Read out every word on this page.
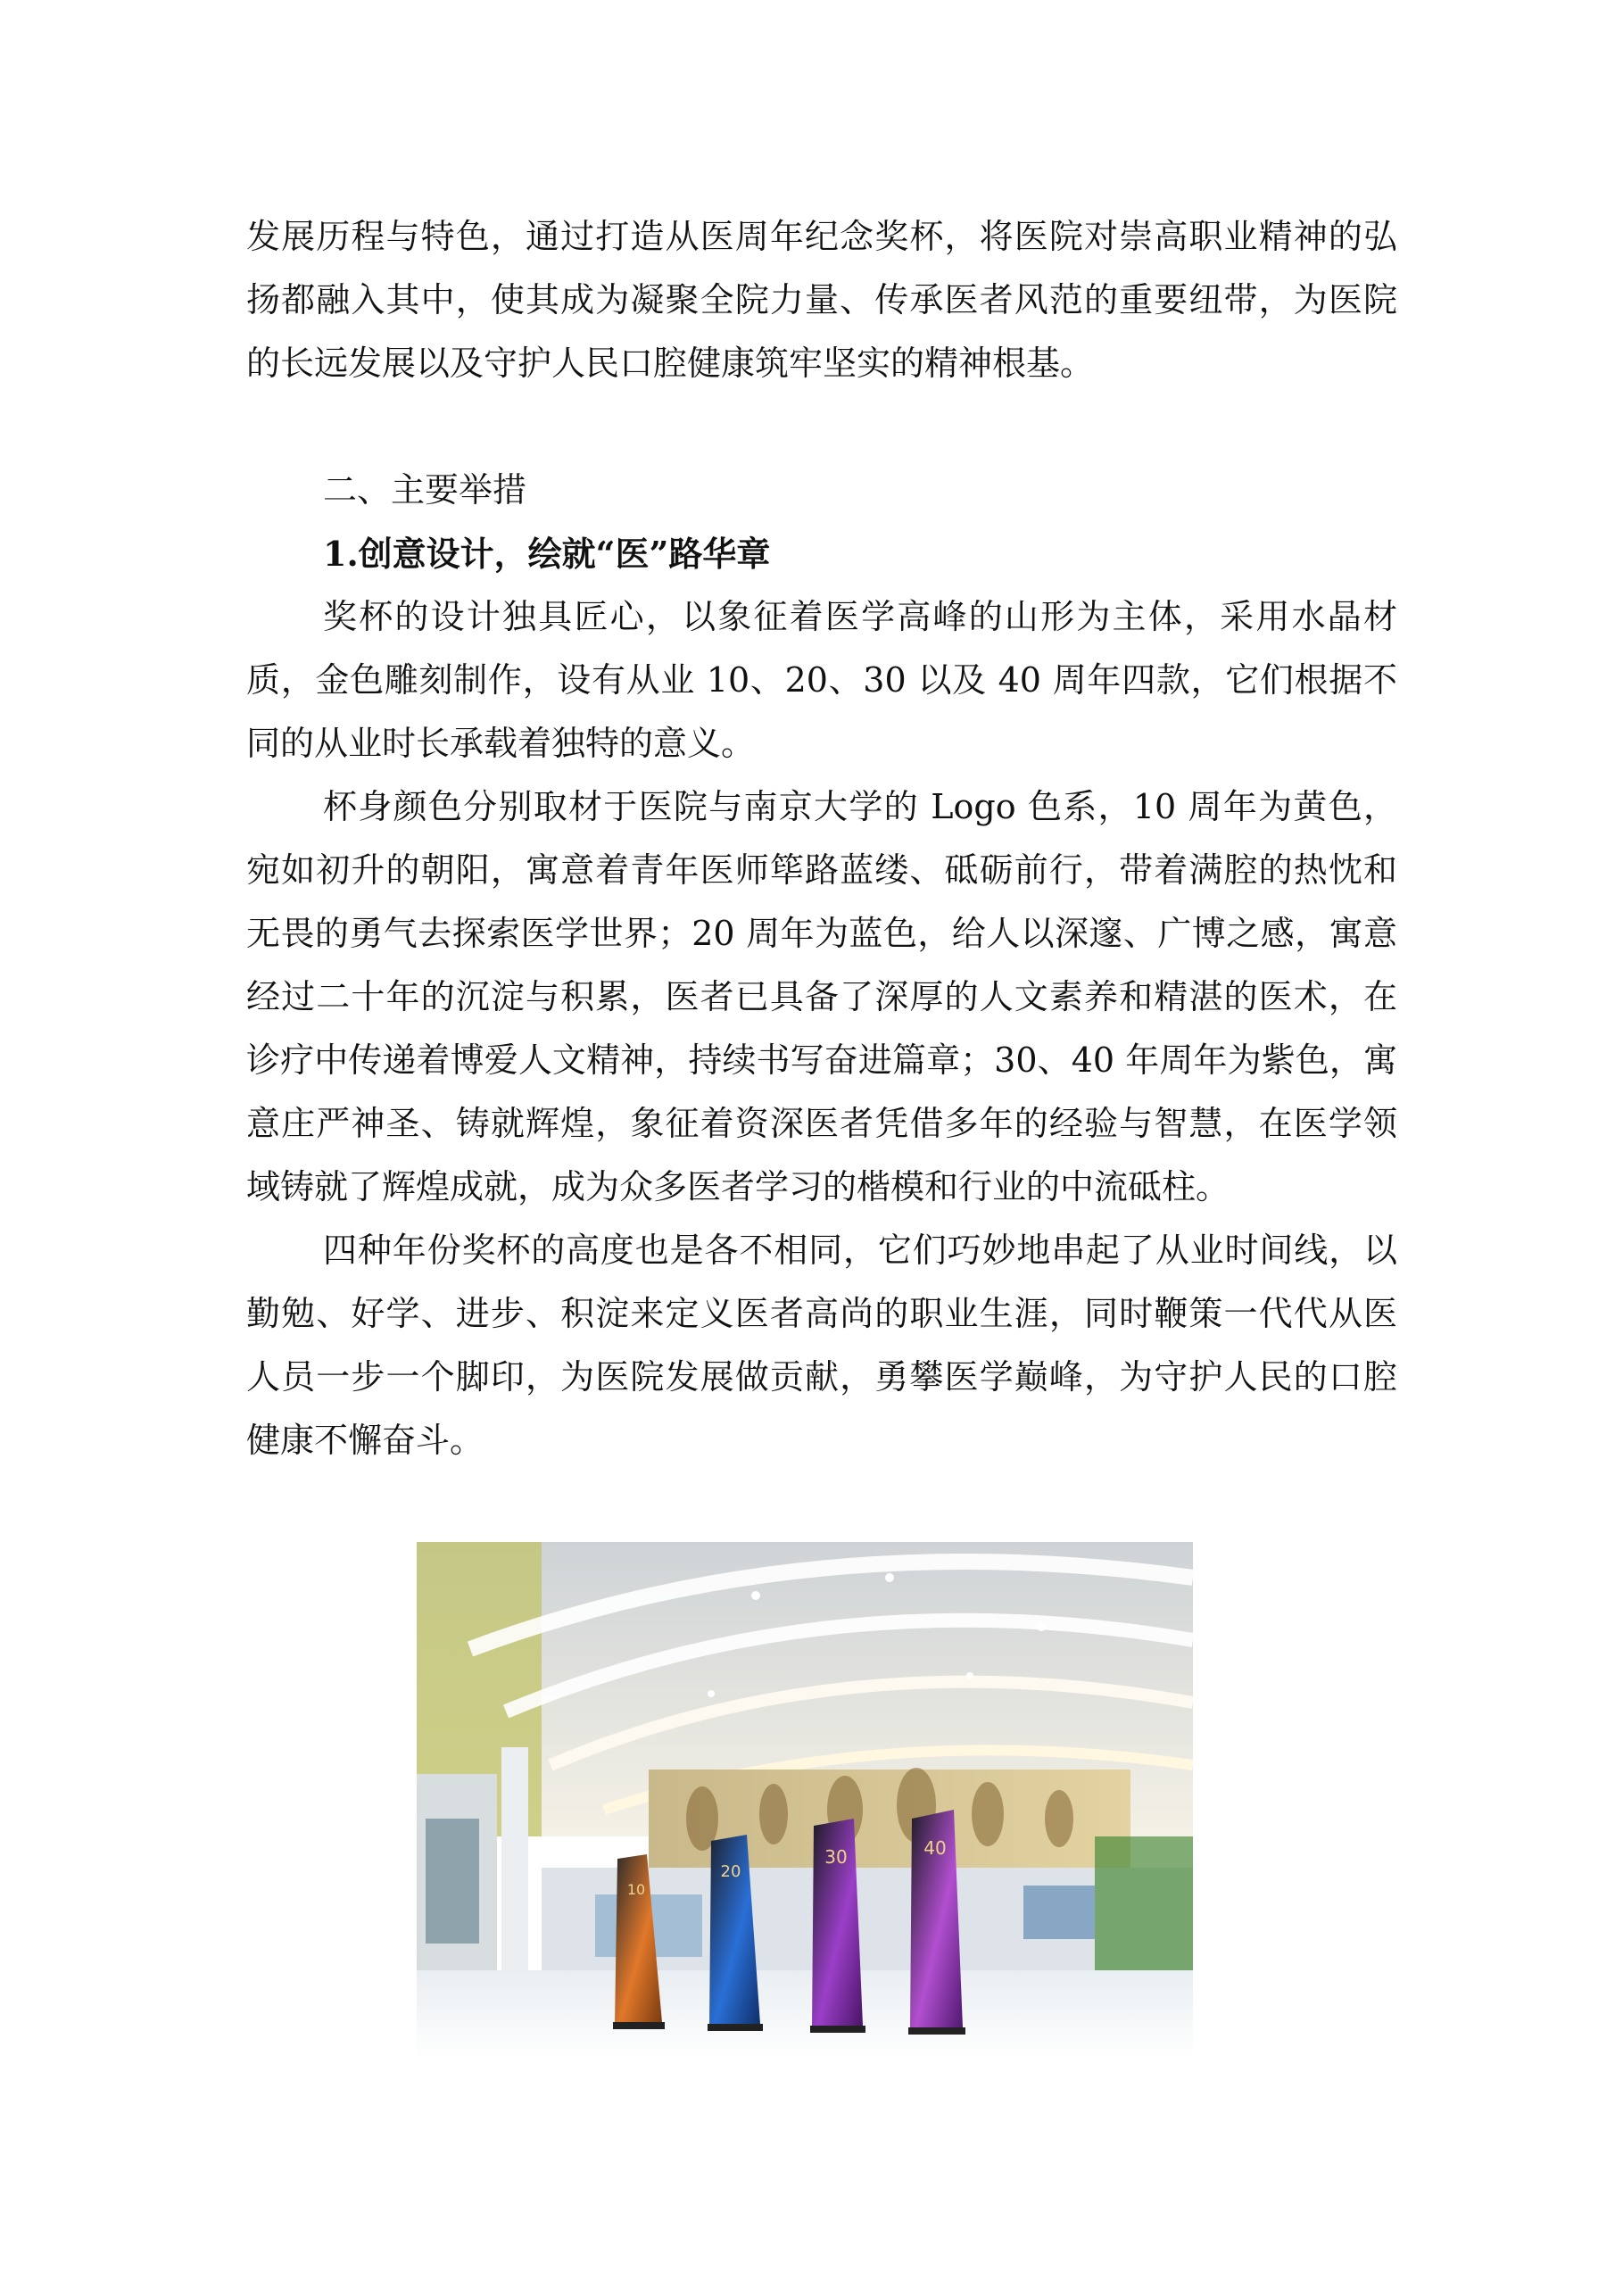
发展历程与特色，通过打造从医周年纪念奖杯，将医院对崇高职业精神的弘扬都融入其中，使其成为凝聚全院力量、传承医者风范的重要纽带，为医院的长远发展以及守护人民口腔健康筑牢坚实的精神根基。

二、主要举措

1.创意设计，绘就“医”路华章

奖杯的设计独具匠心，以象征着医学高峰的山形为主体，采用水晶材质，金色雕刻制作，设有从业 10、20、30 以及 40 周年四款，它们根据不同的从业时长承载着独特的意义。

杯身颜色分别取材于医院与南京大学的 Logo 色系，10 周年为黄色，宛如初升的朝阳，寓意着青年医师筚路蓝缕、砥砺前行，带着满腔的热忱和无畏的勇气去探索医学世界；20 周年为蓝色，给人以深邃、广博之感，寓意经过二十年的沉淀与积累，医者已具备了深厚的人文素养和精湛的医术，在诊疗中传递着博爱人文精神，持续书写奋进篇章；30、40 年周年为紫色，寓意庄严神圣、铸就辉煌，象征着资深医者凭借多年的经验与智慧，在医学领域铸就了辉煌成就，成为众多医者学习的楷模和行业的中流砥柱。

四种年份奖杯的高度也是各不相同，它们巧妙地串起了从业时间线，以勤勉、好学、进步、积淀来定义医者高尚的职业生涯，同时鞭策一代代从医人员一步一个脚印，为医院发展做贡献，勇攀医学巅峰，为守护人民的口腔健康不懈奋斗。

10
20
30	40
